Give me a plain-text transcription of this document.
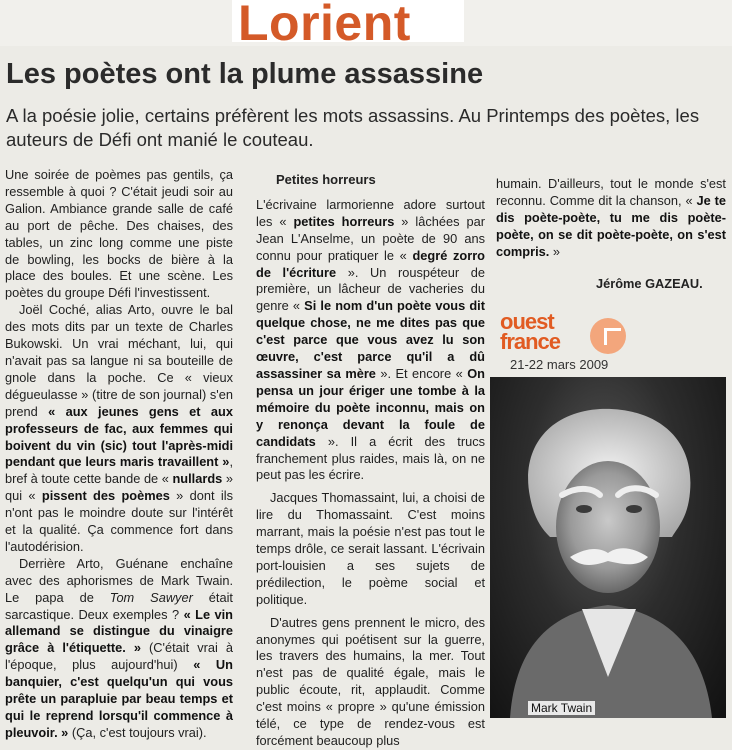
Lorient
Les poètes ont la plume assassine

A la poésie jolie, certains préfèrent les mots assassins. Au Printemps des poètes, les auteurs de Défi ont manié le couteau.

Une soirée de poèmes pas gentils, ça ressemble à quoi ? C'était jeudi soir au Galion. Ambiance grande salle de café au port de pêche. Des chaises, des tables, un zinc long comme une piste de bowling, les bocks de bière à la place des boules. Et une scène. Les poètes du groupe Défi l'investissent.

Joël Coché, alias Arto, ouvre le bal des mots dits par un texte de Charles Bukowski. Un vrai méchant, lui, qui n'avait pas sa langue ni sa bouteille de gnole dans la poche. Ce « vieux dégueulasse » (titre de son journal) s'en prend « aux jeunes gens et aux professeurs de fac, aux femmes qui boivent du vin (sic) tout l'après-midi pendant que leurs maris travaillent », bref à toute cette bande de « nullards » qui « pissent des poèmes » dont ils n'ont pas le moindre doute sur l'intérêt et la qualité. Ça commence fort dans l'autodérision.

Derrière Arto, Guénane enchaîne avec des aphorismes de Mark Twain. Le papa de Tom Sawyer était sarcastique. Deux exemples ? « Le vin allemand se distingue du vinaigre grâce à l'étiquette. » (C'était vrai à l'époque, plus aujourd'hui) « Un banquier, c'est quelqu'un qui vous prête un parapluie par beau temps et qui le reprend lorsqu'il commence à pleuvoir. » (Ça, c'est toujours vrai).

Petites horreurs

L'écrivaine larmorienne adore surtout les « petites horreurs » lâchées par Jean L'Anselme, un poète de 90 ans connu pour pratiquer le « degré zorro de l'écriture ». Un rouspéteur de première, un lâcheur de vacheries du genre « Si le nom d'un poète vous dit quelque chose, ne me dites pas que c'est parce que vous avez lu son œuvre, c'est parce qu'il a dû assassiner sa mère ». Et encore « On pensa un jour ériger une tombe à la mémoire du poète inconnu, mais on y renonça devant la foule de candidats ». Il a écrit des trucs franchement plus raides, mais là, on ne peut pas les écrire.

Jacques Thomassaint, lui, a choisi de lire du Thomassaint. C'est moins marrant, mais la poésie n'est pas tout le temps drôle, ce serait lassant. L'écrivain port-louisien a ses sujets de prédilection, le poème social et politique.

D'autres gens prennent le micro, des anonymes qui poétisent sur la guerre, les travers des humains, la mer. Tout n'est pas de qualité égale, mais le public écoute, rit, applaudit. Comme c'est moins « propre » qu'une émission télé, ce type de rendez-vous est forcément beaucoup plus

humain. D'ailleurs, tout le monde s'est reconnu. Comme dit la chanson, « Je te dis poète-poète, tu me dis poète-poète, on se dit poète-poète, on s'est compris. »

Jérôme GAZEAU.
ouest
france
21-22 mars 2009
Mark Twain
